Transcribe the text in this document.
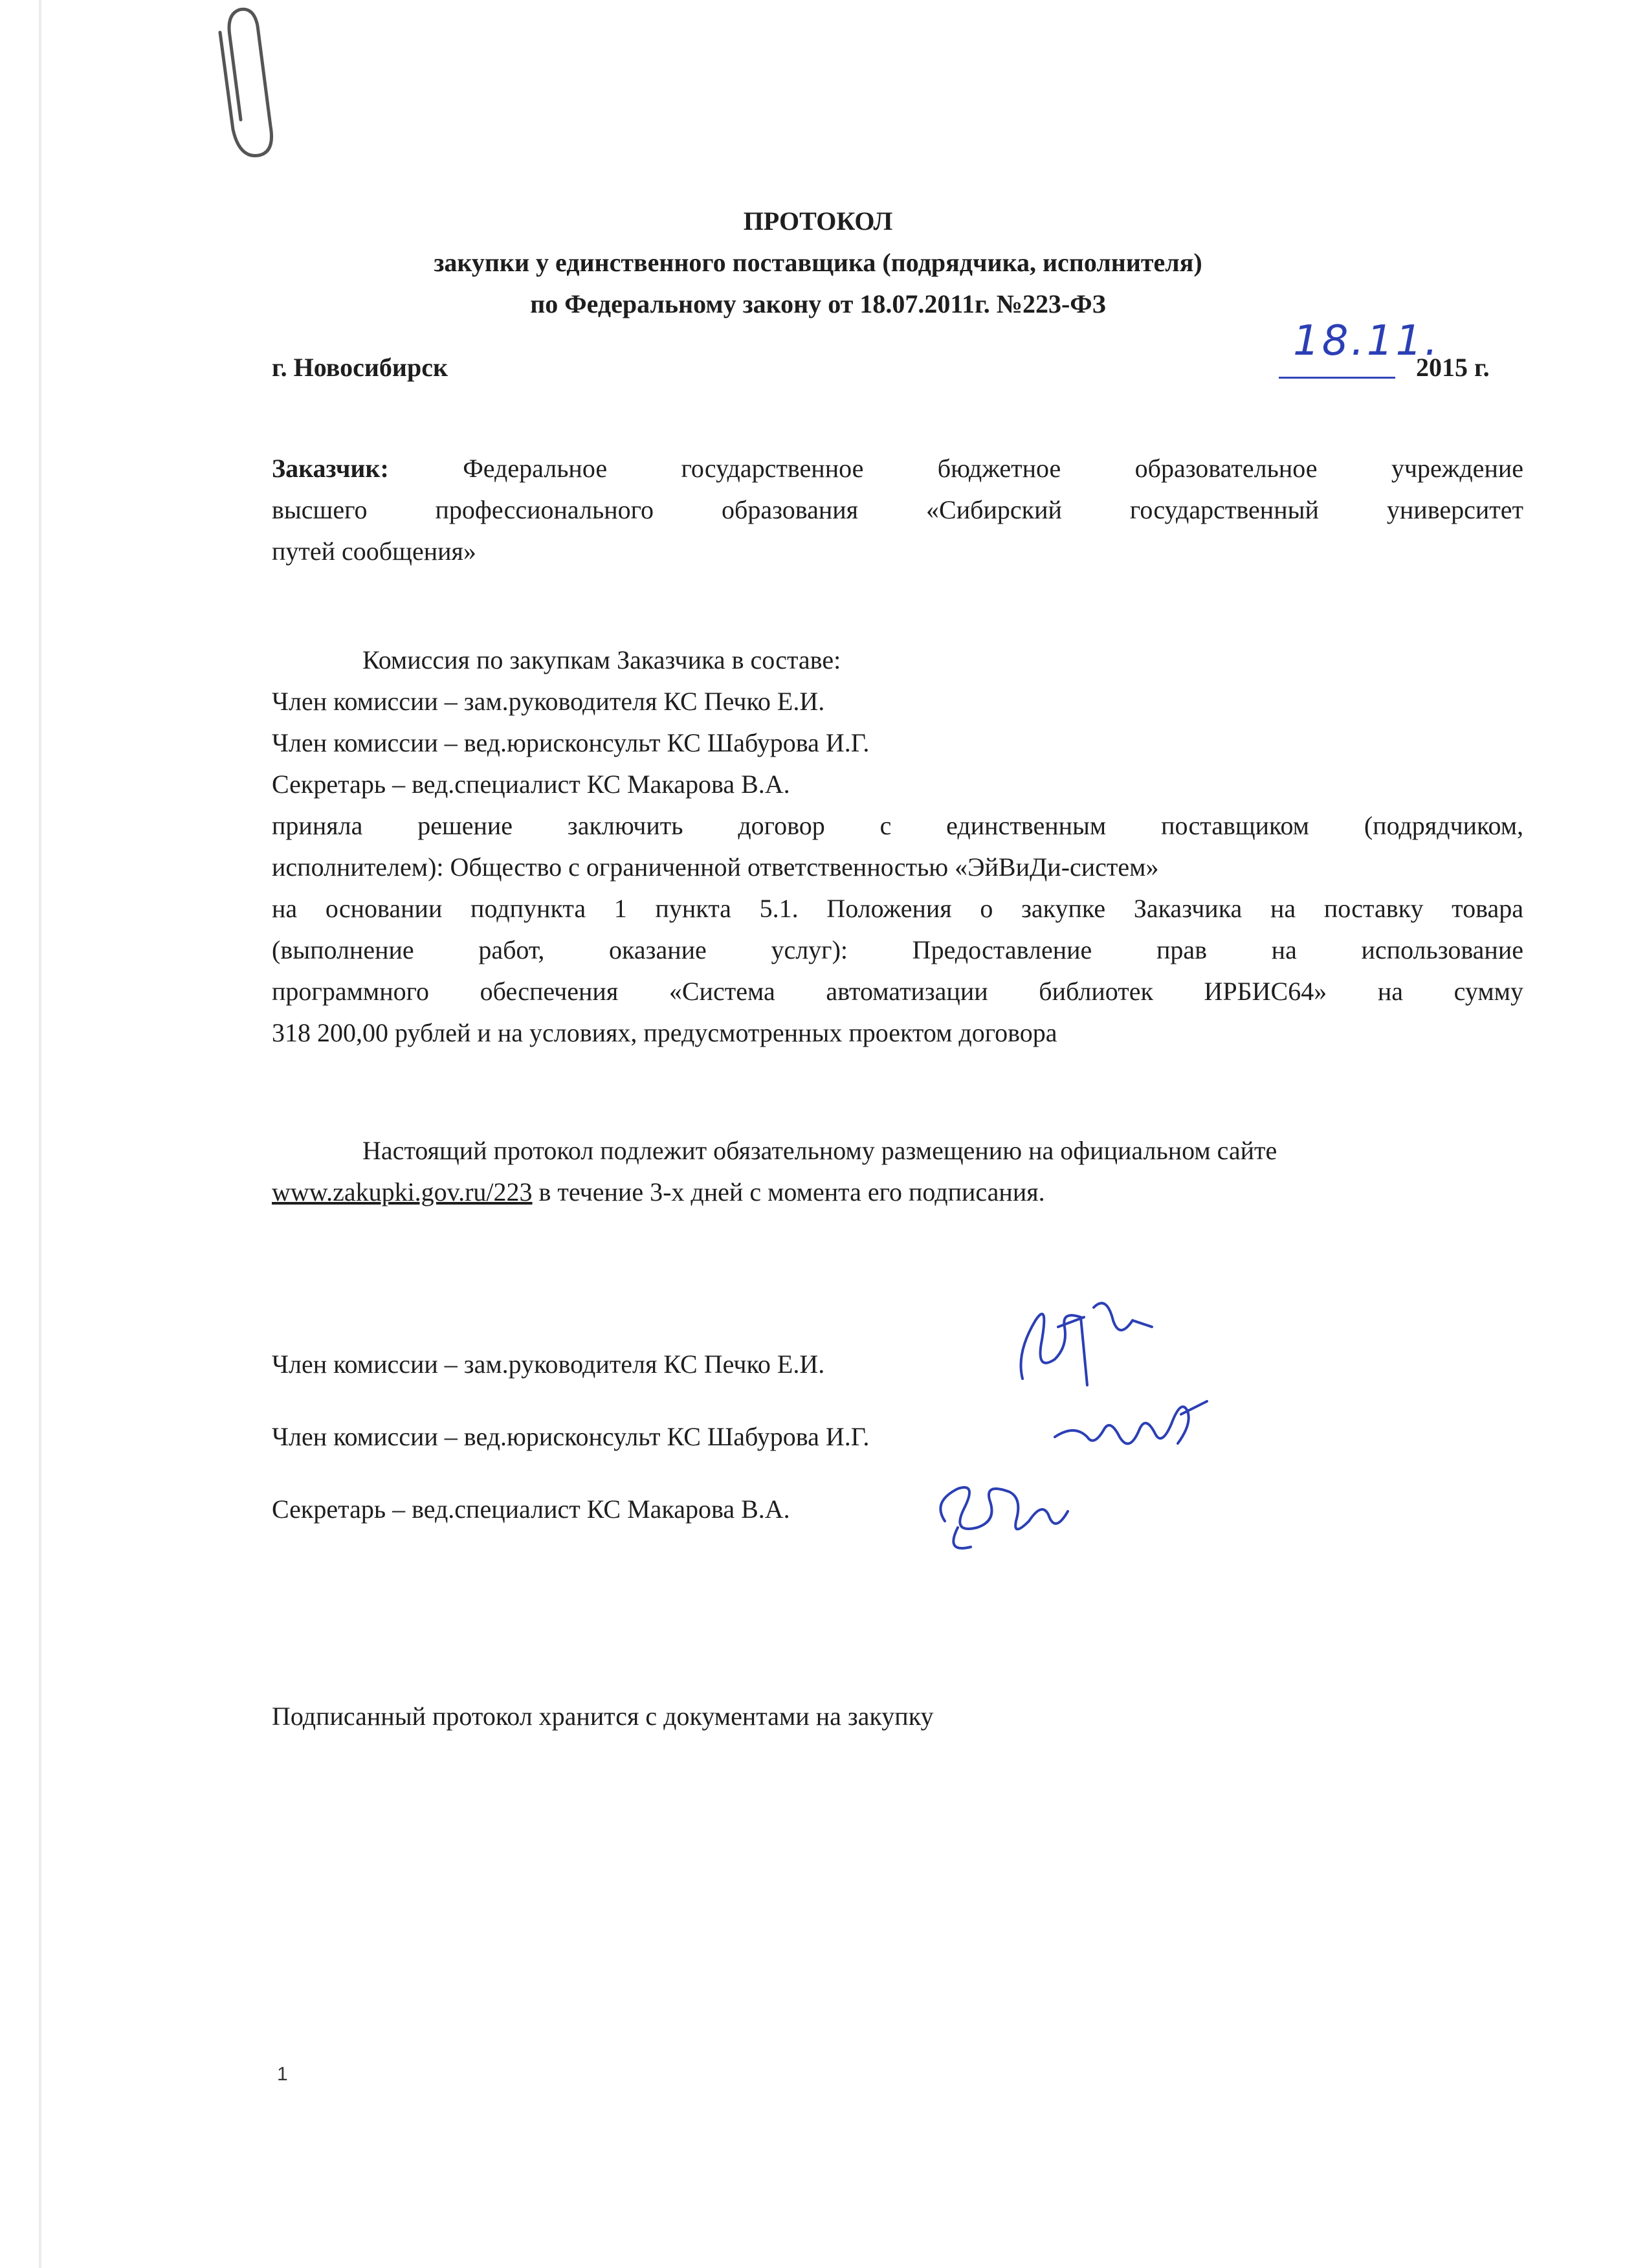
ПРОТОКОЛ
закупки у единственного поставщика (подрядчика, исполнителя)
по Федеральному закону от 18.07.2011г. №223-ФЗ
г. Новосибирск
18.11.
2015 г.
Заказчик:	Федеральное государственное бюджетное образовательное учреждение
высшего профессионального образования «Сибирский государственный университет
путей сообщения»
Комиссия по закупкам Заказчика в составе:
Член комиссии – зам.руководителя КС Печко Е.И.
Член комиссии – вед.юрисконсульт КС Шабурова И.Г.
Секретарь – вед.специалист КС Макарова В.А.
приняла решение заключить договор с единственным поставщиком (подрядчиком,
исполнителем): Общество с ограниченной ответственностью «ЭйВиДи-систем»
на основании подпункта 1 пункта 5.1. Положения о закупке Заказчика на поставку товара
(выполнение работ, оказание услуг): Предоставление прав на использование
программного обеспечения «Система автоматизации библиотек ИРБИС64» на сумму
318 200,00 рублей и на условиях, предусмотренных проектом договора
Настоящий протокол подлежит обязательному размещению на официальном сайте
www.zakupki.gov.ru/223 в течение 3-х дней с момента его подписания.
Член комиссии – зам.руководителя КС Печко Е.И.
Член комиссии – вед.юрисконсульт КС Шабурова И.Г.
Секретарь – вед.специалист КС Макарова В.А.
Подписанный протокол хранится с документами на закупку
1
